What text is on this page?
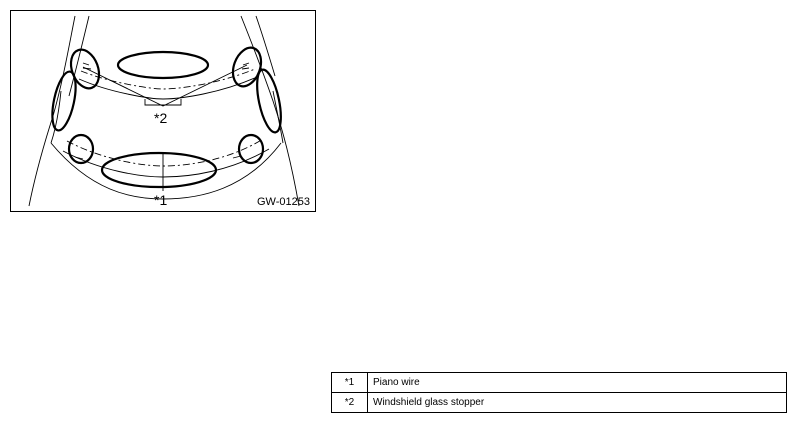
*2
*1	GW-01253
*1	Piano wire
*2	Windshield glass stopper
